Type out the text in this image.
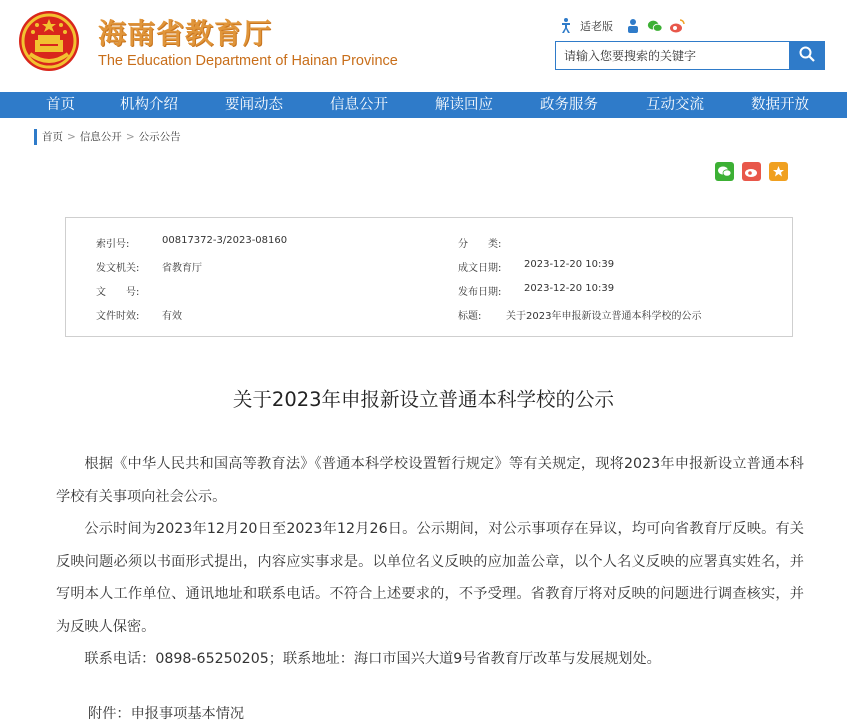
海南省教育厅
The Education Department of Hainan Province
适老版
请输入您要搜索的关键字
首页	机构介绍	要闻动态	信息公开	解读回应	政务服务	互动交流	数据开放
首页 > 信息公开 > 公示公告
索引号:	00817372-3/2023-08160	分　　类:
发文机关: 省教育厅	成文日期: 2023-12-20 10:39
文　　号:	发布日期: 2023-12-20 10:39
文件时效: 有效	标题: 关于2023年申报新设立普通本科学校的公示
关于2023年申报新设立普通本科学校的公示

根据《中华人民共和国高等教育法》《普通本科学校设置暂行规定》等有关规定，现将2023年申报新设立普通本科学校有关事项向社会公示。

公示时间为2023年12月20日至2023年12月26日。公示期间，对公示事项存在异议，均可向省教育厅反映。有关反映问题必须以书面形式提出，内容应实事求是。以单位名义反映的应加盖公章，以个人名义反映的应署真实姓名，并写明本人工作单位、通讯地址和联系电话。不符合上述要求的，不予受理。省教育厅将对反映的问题进行调查核实，并为反映人保密。

联系电话：0898-65250205；联系地址：海口市国兴大道9号省教育厅改革与发展规划处。

附件：申报事项基本情况
